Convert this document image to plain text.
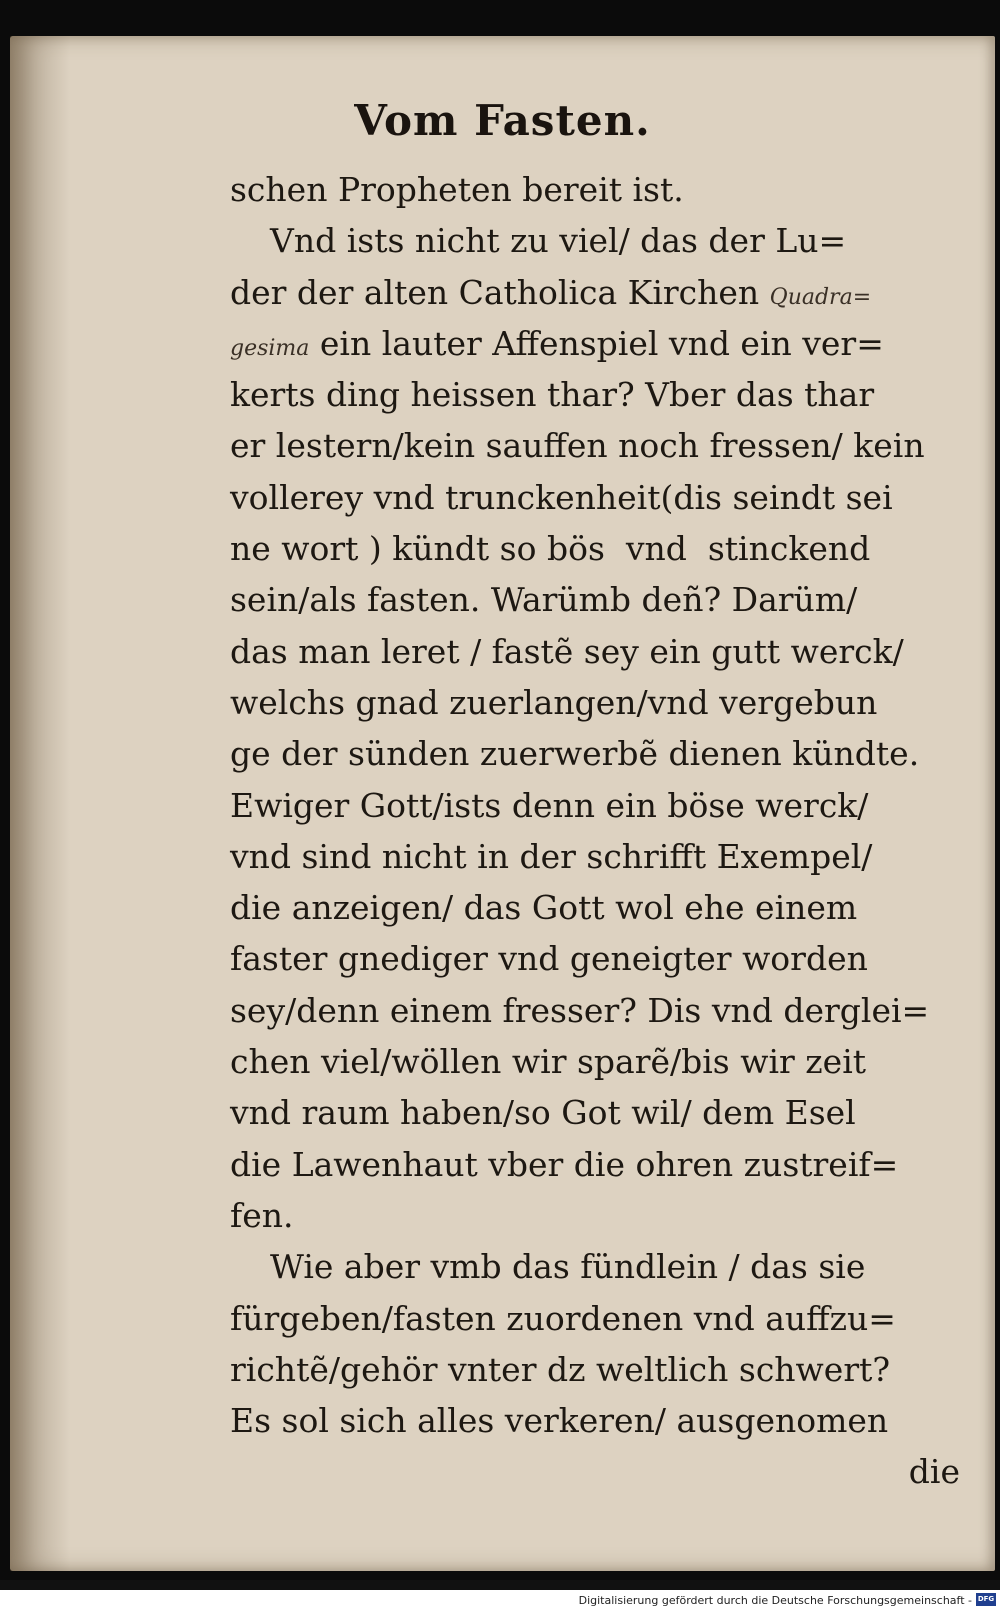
Vom Fasten.
schen Propheten bereit ist.
Vnd ists nicht zu viel/ das der Lu=
der der alten Catholica Kirchen Quadra=
gesima ein lauter Affenspiel vnd ein ver=
kerts ding heissen thar? Vber das thar
er lestern/kein sauffen noch fressen/ kein
vollerey vnd trunckenheit(dis seindt sei
ne wort ) kündt so bös  vnd  stinckend
sein/als fasten. Warümb deñ? Darüm/
das man leret / fastẽ sey ein gutt werck/
welchs gnad zuerlangen/vnd vergebun
ge der sünden zuerwerbẽ dienen kündte.
Ewiger Gott/ists denn ein böse werck/
vnd sind nicht in der schrifft Exempel/
die anzeigen/ das Gott wol ehe einem
faster gnediger vnd geneigter worden
sey/denn einem fresser? Dis vnd derglei=
chen viel/wöllen wir sparẽ/bis wir zeit
vnd raum haben/so Got wil/ dem Esel
die Lawenhaut vber die ohren zustreif=
fen.
Wie aber vmb das fündlein / das sie
fürgeben/fasten zuordenen vnd auffzu=
richtẽ/gehör vnter dz weltlich schwert?
Es sol sich alles verkeren/ ausgenomen
die
Digitalisierung gefördert durch die Deutsche Forschungsgemeinschaft - DFG
